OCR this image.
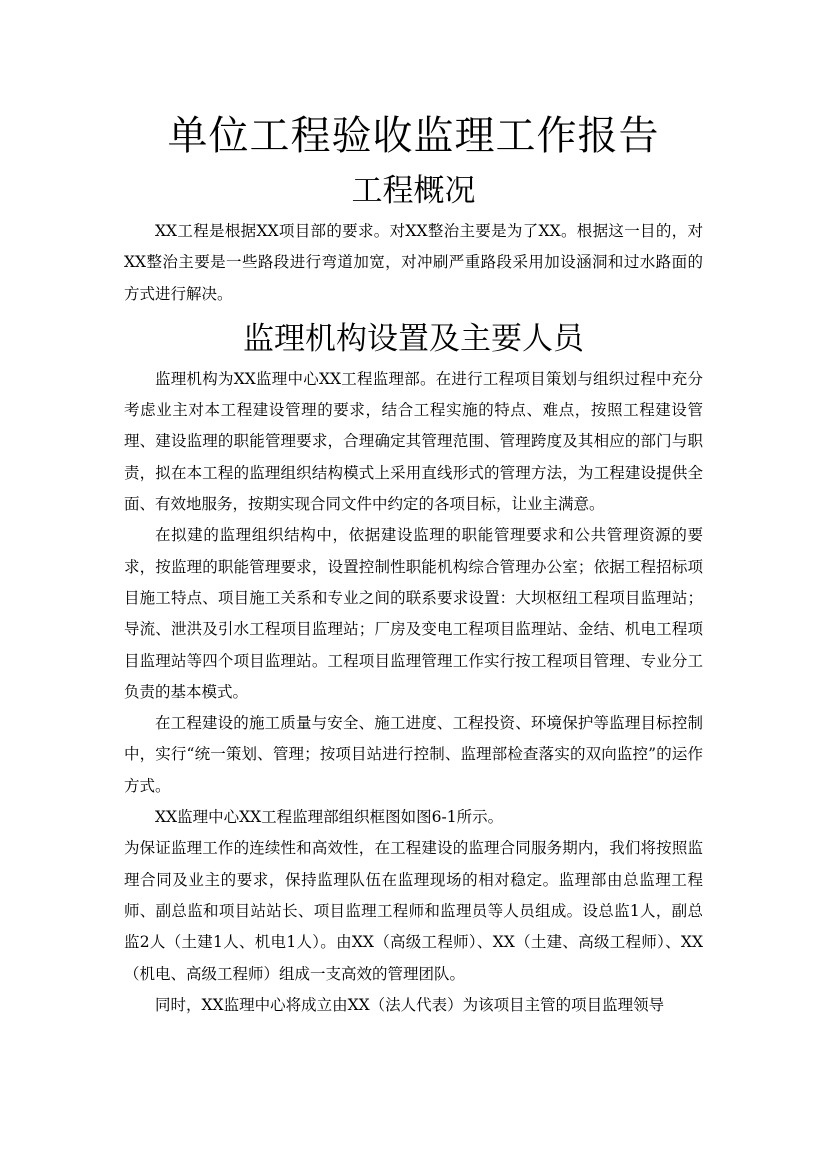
单位工程验收监理工作报告
工程概况

XX工程是根据XX项目部的要求。对XX整治主要是为了XX。根据这一目的，对XX整治主要是一些路段进行弯道加宽，对冲刷严重路段采用加设涵洞和过水路面的方式进行解决。

监理机构设置及主要人员

监理机构为XX监理中心XX工程监理部。在进行工程项目策划与组织过程中充分考虑业主对本工程建设管理的要求，结合工程实施的特点、难点，按照工程建设管理、建设监理的职能管理要求，合理确定其管理范围、管理跨度及其相应的部门与职责，拟在本工程的监理组织结构模式上采用直线形式的管理方法，为工程建设提供全面、有效地服务，按期实现合同文件中约定的各项目标，让业主满意。

在拟建的监理组织结构中，依据建设监理的职能管理要求和公共管理资源的要求，按监理的职能管理要求，设置控制性职能机构综合管理办公室；依据工程招标项目施工特点、项目施工关系和专业之间的联系要求设置：大坝枢纽工程项目监理站；导流、泄洪及引水工程项目监理站；厂房及变电工程项目监理站、金结、机电工程项目监理站等四个项目监理站。工程项目监理管理工作实行按工程项目管理、专业分工负责的基本模式。

在工程建设的施工质量与安全、施工进度、工程投资、环境保护等监理目标控制中，实行“统一策划、管理；按项目站进行控制、监理部检查落实的双向监控”的运作方式。

XX监理中心XX工程监理部组织框图如图6-1所示。

为保证监理工作的连续性和高效性，在工程建设的监理合同服务期内，我们将按照监理合同及业主的要求，保持监理队伍在监理现场的相对稳定。监理部由总监理工程师、副总监和项目站站长、项目监理工程师和监理员等人员组成。设总监1人，副总监2人（土建1人、机电1人）。由XX（高级工程师）、XX（土建、高级工程师）、XX（机电、高级工程师）组成一支高效的管理团队。

同时，XX监理中心将成立由XX（法人代表）为该项目主管的项目监理领导
